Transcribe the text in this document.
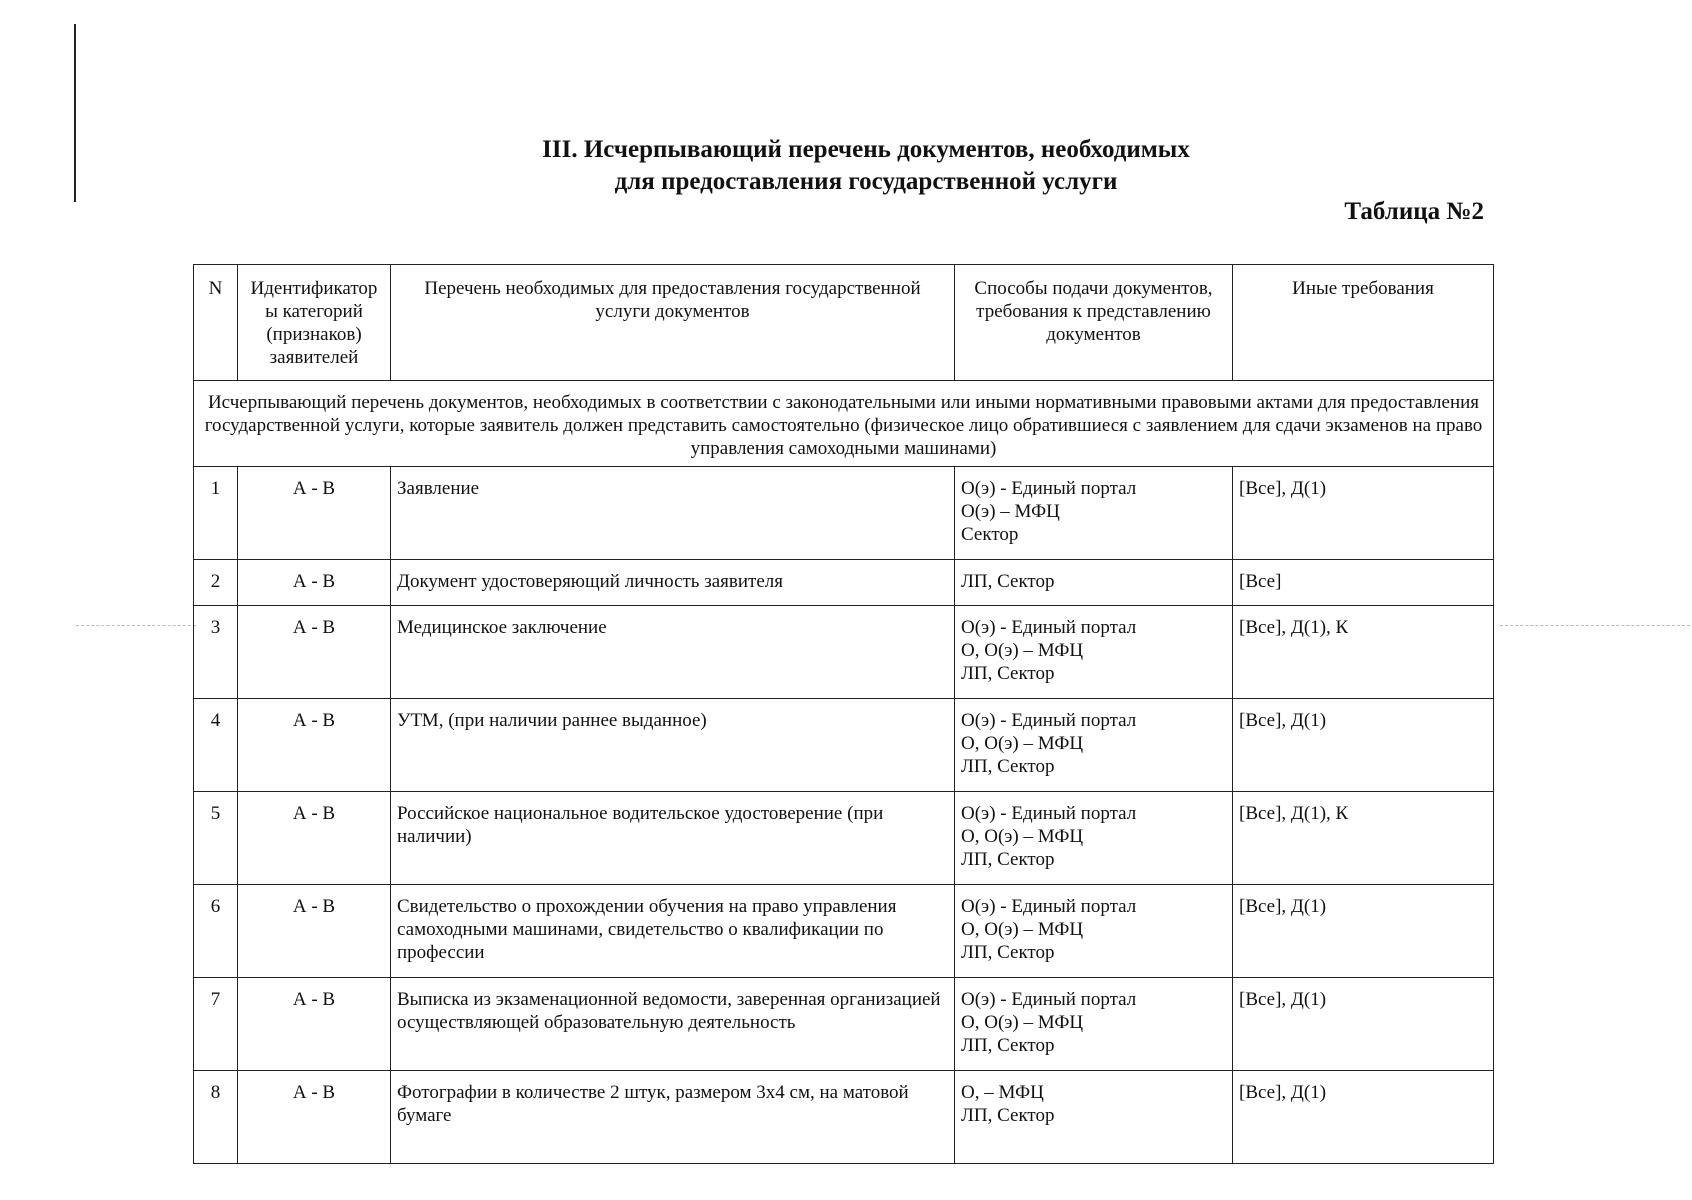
III. Исчерпывающий перечень документов, необходимых
для предоставления государственной услуги
Таблица №2
N	Идентификатор ы категорий (признаков) заявителей	Перечень необходимых для предоставления государственной услуги документов	Способы подачи документов, требования к представлению документов	Иные требования
Исчерпывающий перечень документов, необходимых в соответствии с законодательными или иными нормативными правовыми актами для предоставления государственной услуги, которые заявитель должен представить самостоятельно (физическое лицо обратившиеся с заявлением для сдачи экзаменов на право управления самоходными машинами)				
1	А - В	Заявление	О(э) - Единый портал
О(э) – МФЦ
Сектор	[Все], Д(1)
2	А - В	Документ удостоверяющий личность заявителя	ЛП, Сектор	[Все]
3	А - В	Медицинское заключение	О(э) - Единый портал
О, О(э) – МФЦ
ЛП, Сектор	[Все], Д(1), К
4	А - В	УТМ, (при наличии раннее выданное)	О(э) - Единый портал
О, О(э) – МФЦ
ЛП, Сектор	[Все], Д(1)
5	А - В	Российское национальное водительское удостоверение (при наличии)	О(э) - Единый портал
О, О(э) – МФЦ
ЛП, Сектор	[Все], Д(1), К
6	А - В	Свидетельство о прохождении обучения на право управления самоходными машинами, свидетельство о квалификации по профессии	О(э) - Единый портал
О, О(э) – МФЦ
ЛП, Сектор	[Все], Д(1)
7	А - В	Выписка из экзаменационной ведомости, заверенная организацией осуществляющей образовательную деятельность	О(э) - Единый портал
О, О(э) – МФЦ
ЛП, Сектор	[Все], Д(1)
8	А - В	Фотографии в количестве 2 штук, размером 3х4 см, на матовой бумаге	О, – МФЦ
ЛП, Сектор	[Все], Д(1)
